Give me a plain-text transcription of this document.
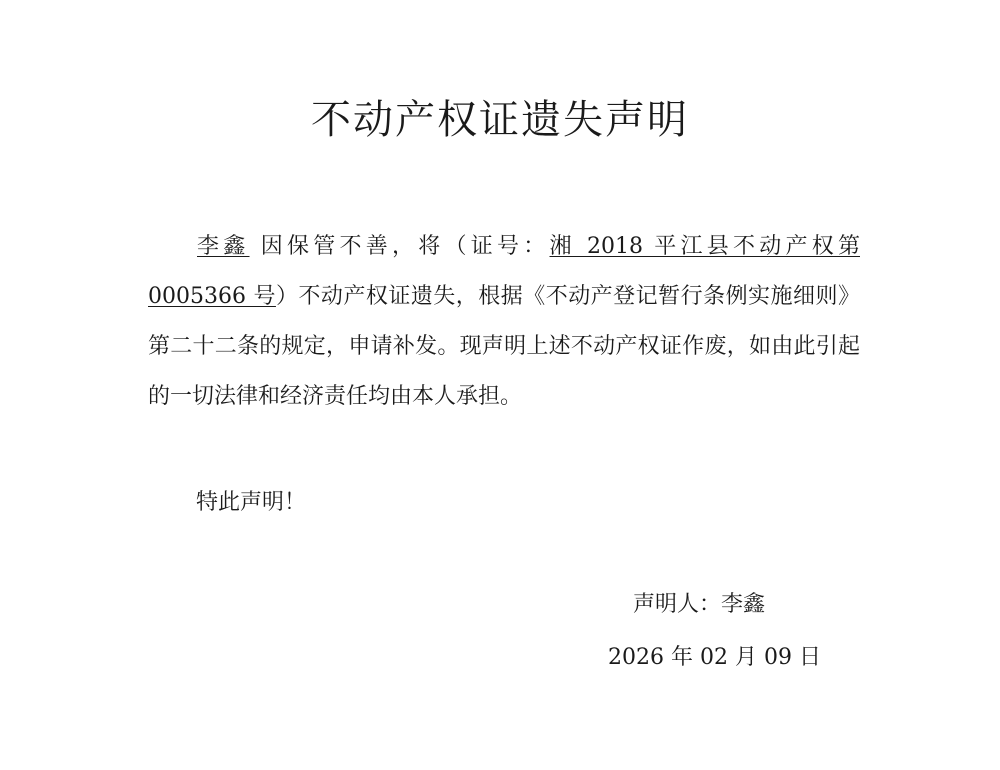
不动产权证遗失声明

李鑫 因保管不善，将（证号：湘 2018 平江县不动产权第 0005366 号）不动产权证遗失，根据《不动产登记暂行条例实施细则》第二十二条的规定，申请补发。现声明上述不动产权证作废，如由此引起的一切法律和经济责任均由本人承担。

特此声明！

声明人：李鑫

2026 年 02 月 09 日
